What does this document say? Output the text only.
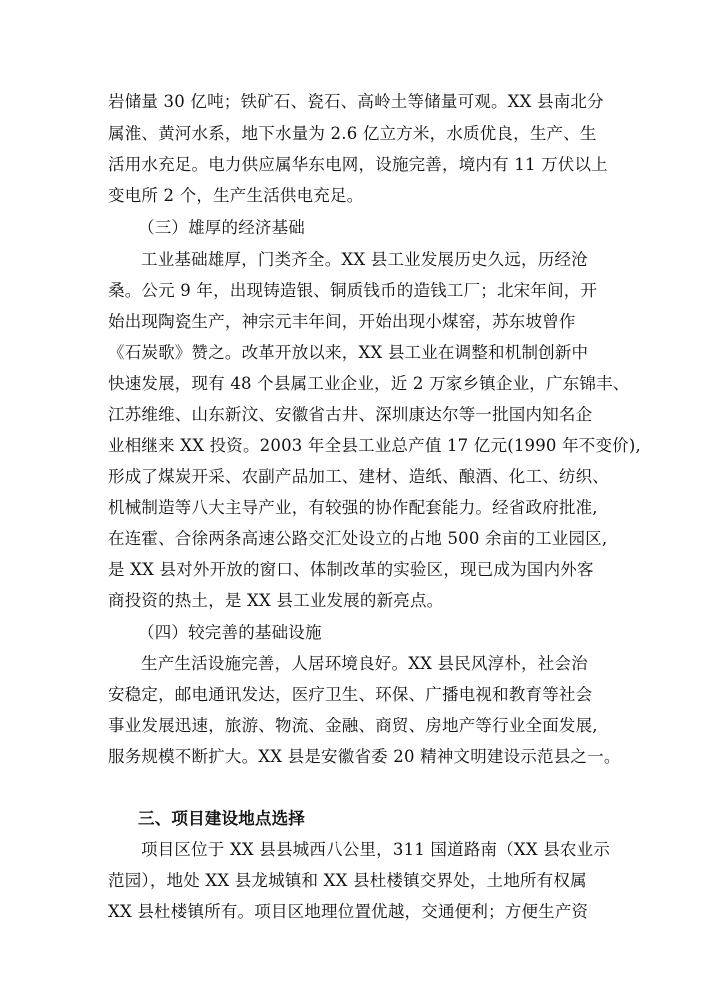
岩储量 30 亿吨；铁矿石、瓷石、高岭土等储量可观。XX 县南北分
属淮、黄河水系，地下水量为 2.6 亿立方米，水质优良，生产、生
活用水充足。电力供应属华东电网，设施完善，境内有 11 万伏以上
变电所 2 个，生产生活供电充足。
（三）雄厚的经济基础
工业基础雄厚，门类齐全。XX 县工业发展历史久远，历经沧
桑。公元 9 年，出现铸造银、铜质钱币的造钱工厂；北宋年间，开
始出现陶瓷生产，神宗元丰年间，开始出现小煤窑，苏东坡曾作
《石炭歌》赞之。改革开放以来，XX 县工业在调整和机制创新中
快速发展，现有 48 个县属工业企业，近 2 万家乡镇企业，广东锦丰、
江苏维维、山东新汶、安徽省古井、深圳康达尔等一批国内知名企
业相继来 XX 投资。2003 年全县工业总产值 17 亿元(1990 年不变价),
形成了煤炭开采、农副产品加工、建材、造纸、酿酒、化工、纺织、
机械制造等八大主导产业，有较强的协作配套能力。经省政府批准,
在连霍、合徐两条高速公路交汇处设立的占地 500 余亩的工业园区,
是 XX 县对外开放的窗口、体制改革的实验区，现已成为国内外客
商投资的热土，是 XX 县工业发展的新亮点。
（四）较完善的基础设施
生产生活设施完善，人居环境良好。XX 县民风淳朴，社会治
安稳定，邮电通讯发达，医疗卫生、环保、广播电视和教育等社会
事业发展迅速，旅游、物流、金融、商贸、房地产等行业全面发展,
服务规模不断扩大。XX 县是安徽省委 20 精神文明建设示范县之一。
三、项目建设地点选择
项目区位于 XX 县县城西八公里，311 国道路南（XX 县农业示
范园），地处 XX 县龙城镇和 XX 县杜楼镇交界处，土地所有权属
XX 县杜楼镇所有。项目区地理位置优越，交通便利；方便生产资
